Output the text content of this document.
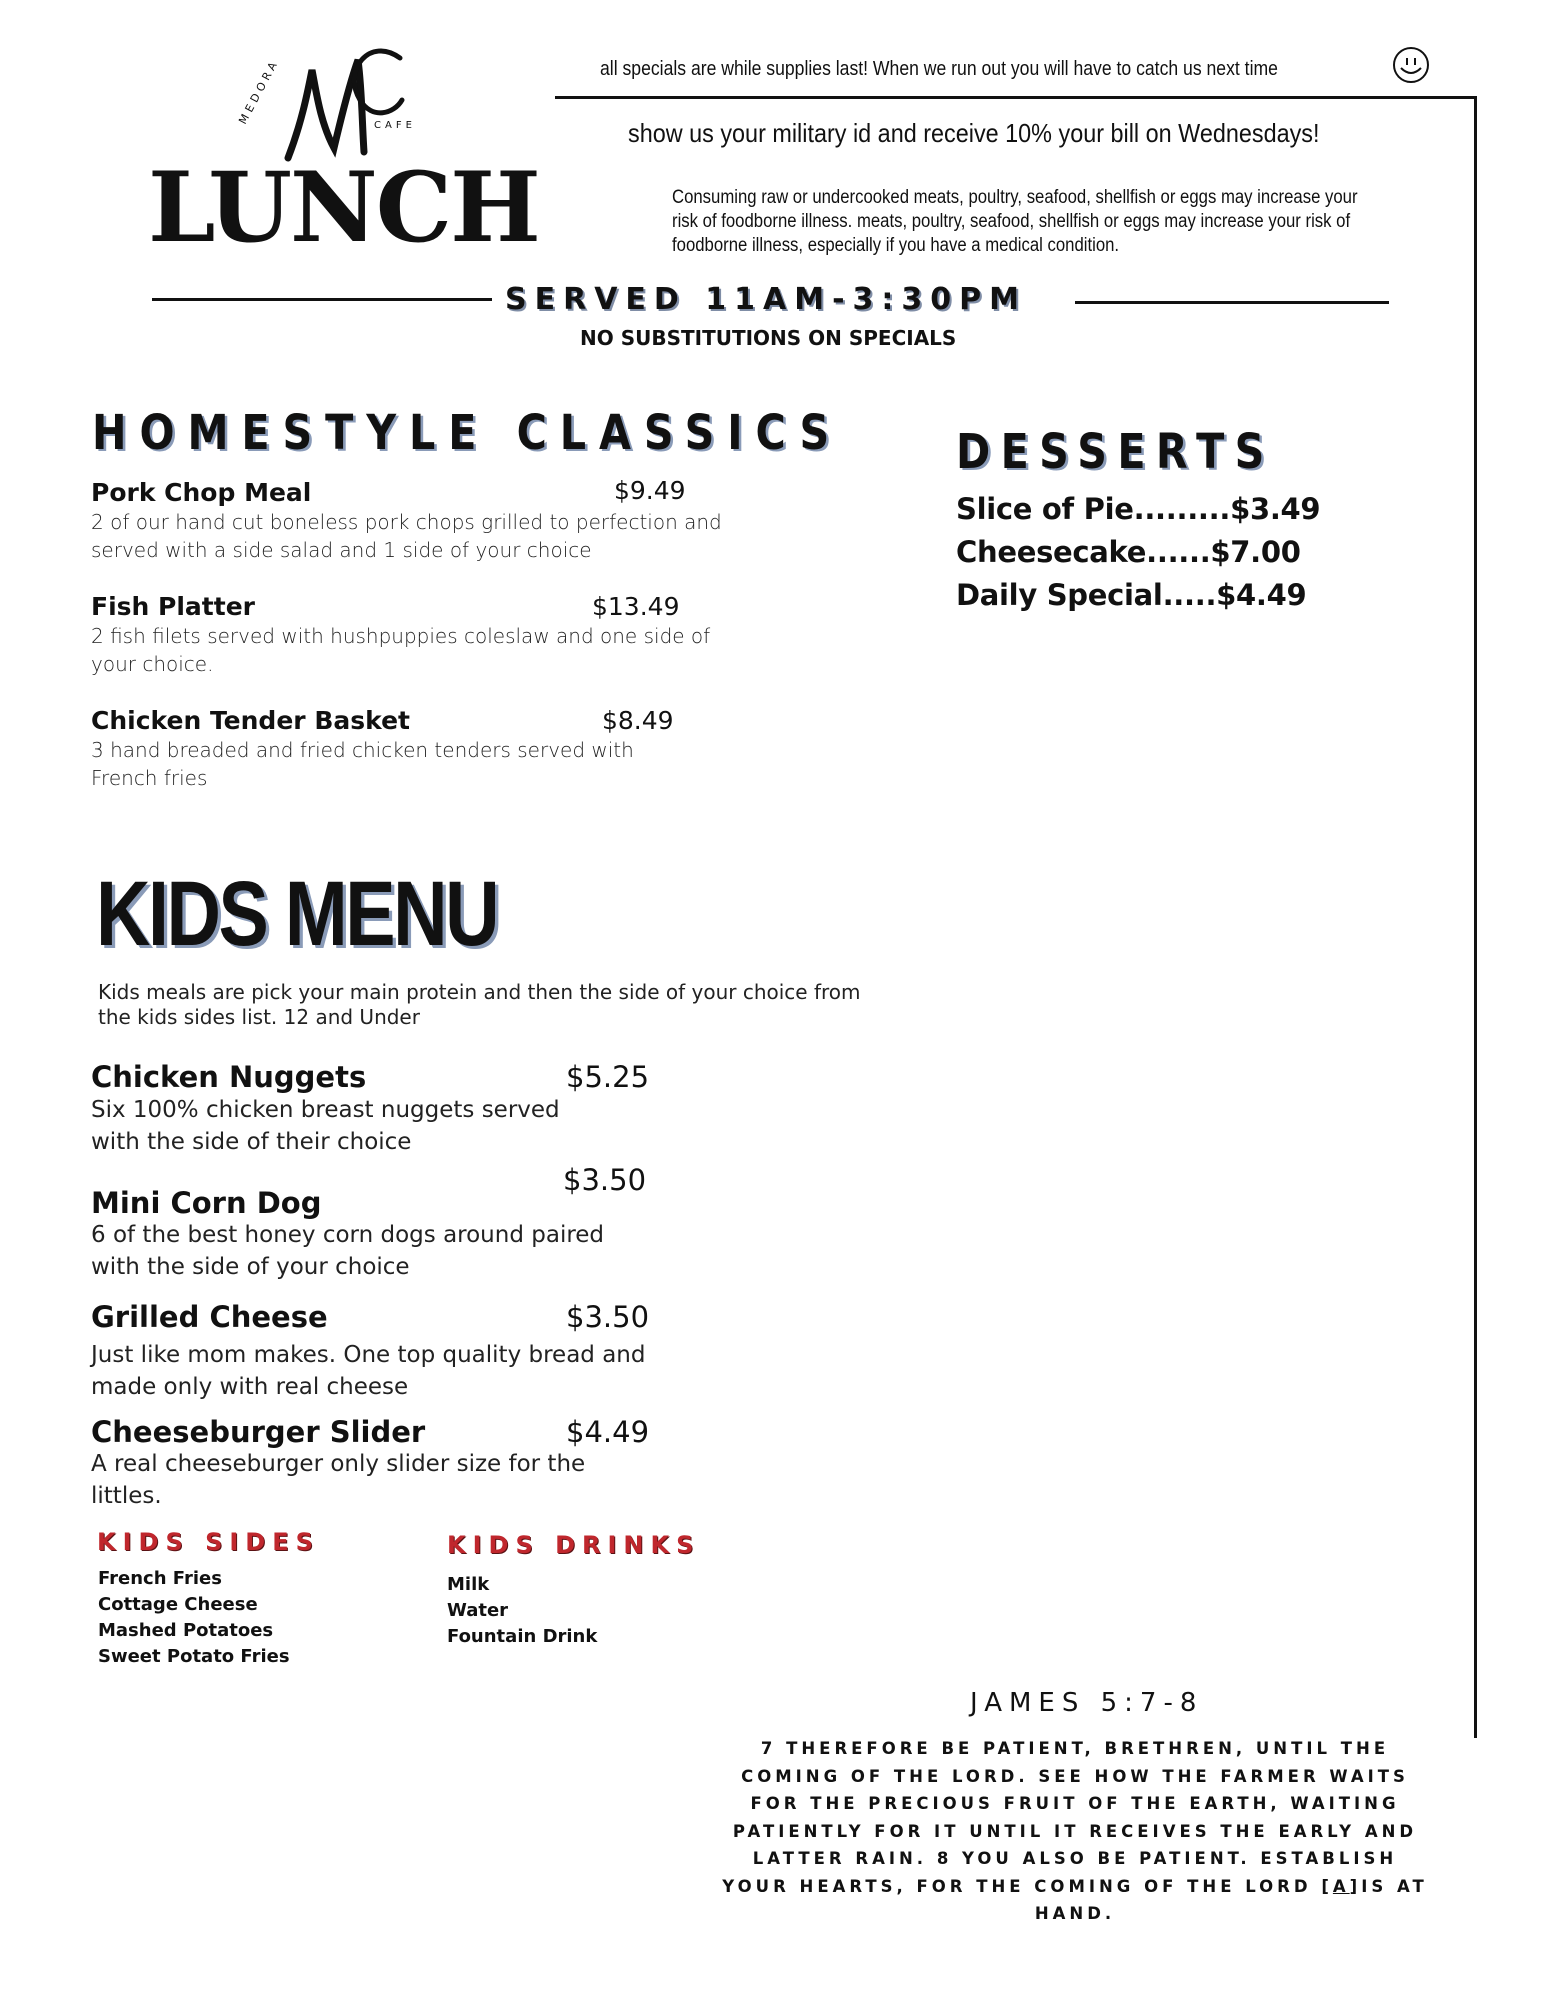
MEDORA	CAFE
LUNCH
all specials are while supplies last! When we run out you will have to catch us next time
show us your military id and receive 10% your bill on Wednesdays!
Consuming raw or undercooked meats, poultry, seafood, shellfish or eggs may increase your risk of foodborne illness. meats, poultry, seafood, shellfish or eggs may increase your risk of foodborne illness, especially if you have a medical condition.
SERVED 11AM-3:30PM
NO SUBSTITUTIONS ON SPECIALS
HOMESTYLE CLASSICS
Pork Chop Meal	$9.49
2 of our hand cut boneless pork chops grilled to perfection and served with a side salad and 1 side of your choice
Fish Platter	$13.49
2 fish filets served with hushpuppies coleslaw and one side of your choice.
Chicken Tender Basket	$8.49
3 hand breaded and fried chicken tenders served with French fries
DESSERTS
Slice of Pie.........$3.49
Cheesecake......$7.00
Daily Special.....$4.49
KIDS MENU
Kids meals are pick your main protein and then the side of your choice from the kids sides list. 12 and Under
Chicken Nuggets	$5.25
Six 100% chicken breast nuggets served with the side of their choice
$3.50
Mini Corn Dog
6 of the best honey corn dogs around paired with the side of your choice
Grilled Cheese	$3.50
Just like mom makes. One top quality bread and made only with real cheese
Cheeseburger Slider	$4.49
A real cheeseburger only slider size for the littles.
KIDS SIDES
French Fries
Cottage Cheese
Mashed Potatoes
Sweet Potato Fries
KIDS DRINKS
Milk
Water
Fountain Drink
JAMES 5:7-8
7 THEREFORE BE PATIENT, BRETHREN, UNTIL THE COMING OF THE LORD. SEE HOW THE FARMER WAITS FOR THE PRECIOUS FRUIT OF THE EARTH, WAITING PATIENTLY FOR IT UNTIL IT RECEIVES THE EARLY AND LATTER RAIN. 8 YOU ALSO BE PATIENT. ESTABLISH YOUR HEARTS, FOR THE COMING OF THE LORD [A]IS AT HAND.
